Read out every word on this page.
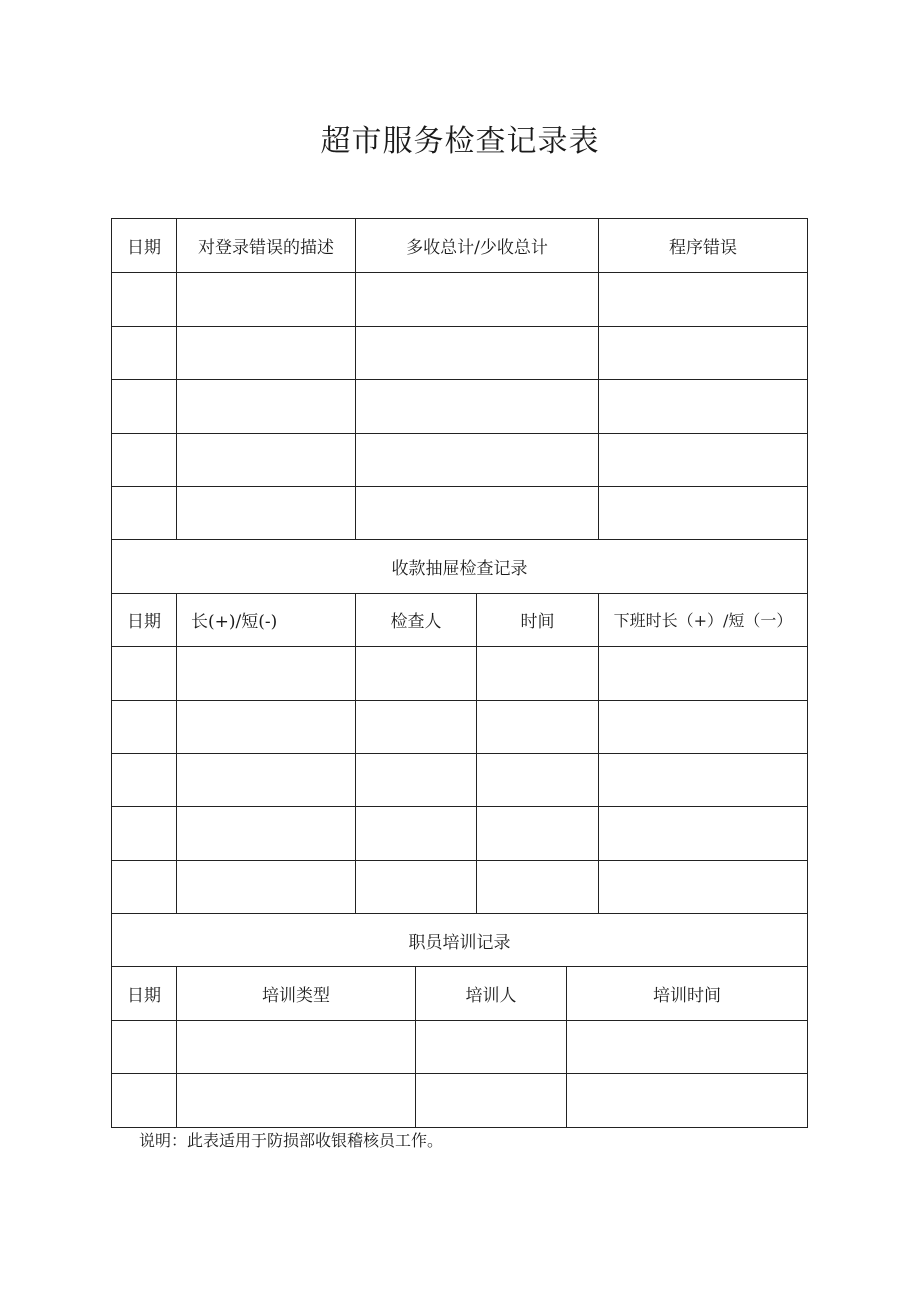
超市服务检查记录表
日期	对登录错误的描述	多收总计/少收总计	程序错误
收款抽屉检查记录
日期	长(+)/短(-)	检查人	时间	下班时长（+）/短（一）
职员培训记录
日期	培训类型	培训人	培训时间
说明：此表适用于防损部收银稽核员工作。
